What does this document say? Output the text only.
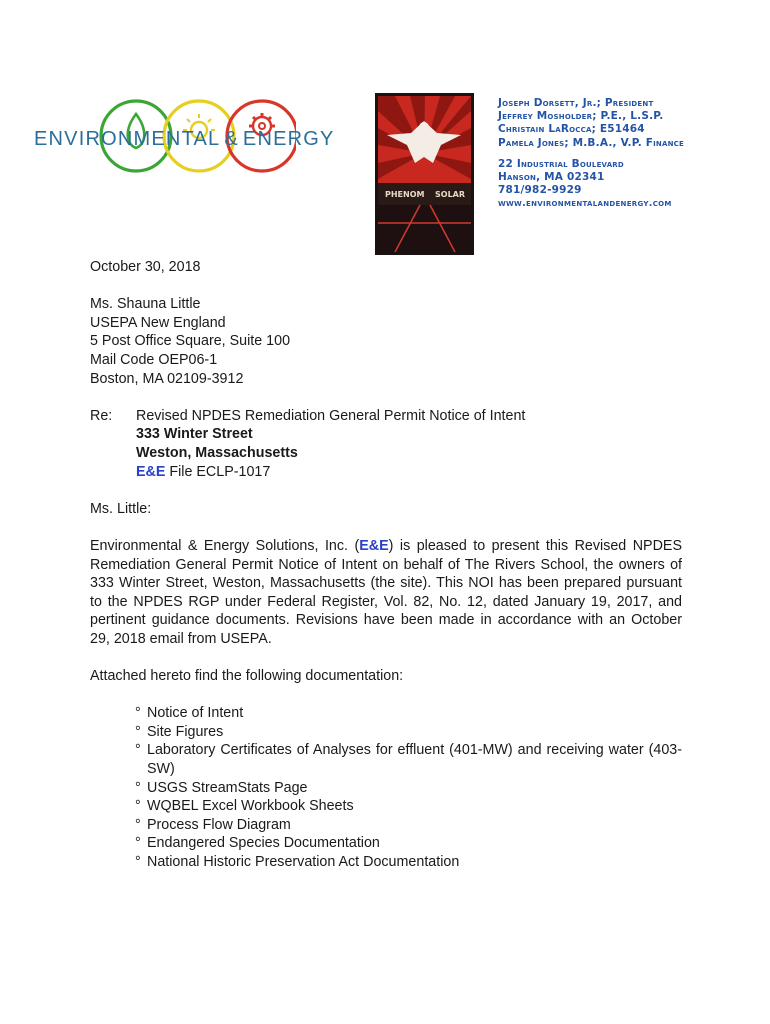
ENVIRONMENTAL & ENERGY
PHENOM SOLAR
Joseph Dorsett, Jr.; President
Jeffrey Mosholder; P.E., L.S.P.
Christain LaRocca; E51464
Pamela Jones; M.B.A., V.P. Finance
22 Industrial Boulevard
Hanson, MA 02341
781/982-9929
www.environmentalandenergy.com

October 30, 2018

Ms. Shauna Little

USEPA New England

5 Post Office Square, Suite 100

Mail Code OEP06-1

Boston, MA 02109-3912

Re:	Revised NPDES Remediation General Permit Notice of Intent

333 Winter Street

Weston, Massachusetts

E&E File ECLP-1017

Ms. Little:

Environmental & Energy Solutions, Inc. (E&E) is pleased to present this Revised NPDES Remediation General Permit Notice of Intent on behalf of The Rivers School, the owners of 333 Winter Street, Weston, Massachusetts (the site). This NOI has been prepared pursuant to the NPDES RGP under Federal Register, Vol. 82, No. 12, dated January 19, 2017, and pertinent guidance documents. Revisions have been made in accordance with an October 29, 2018 email from USEPA.

Attached hereto find the following documentation:

° Notice of Intent
° Site Figures
° Laboratory Certificates of Analyses for effluent (401-MW) and receiving water (403-SW)
° USGS StreamStats Page
° WQBEL Excel Workbook Sheets
° Process Flow Diagram
° Endangered Species Documentation
° National Historic Preservation Act Documentation
